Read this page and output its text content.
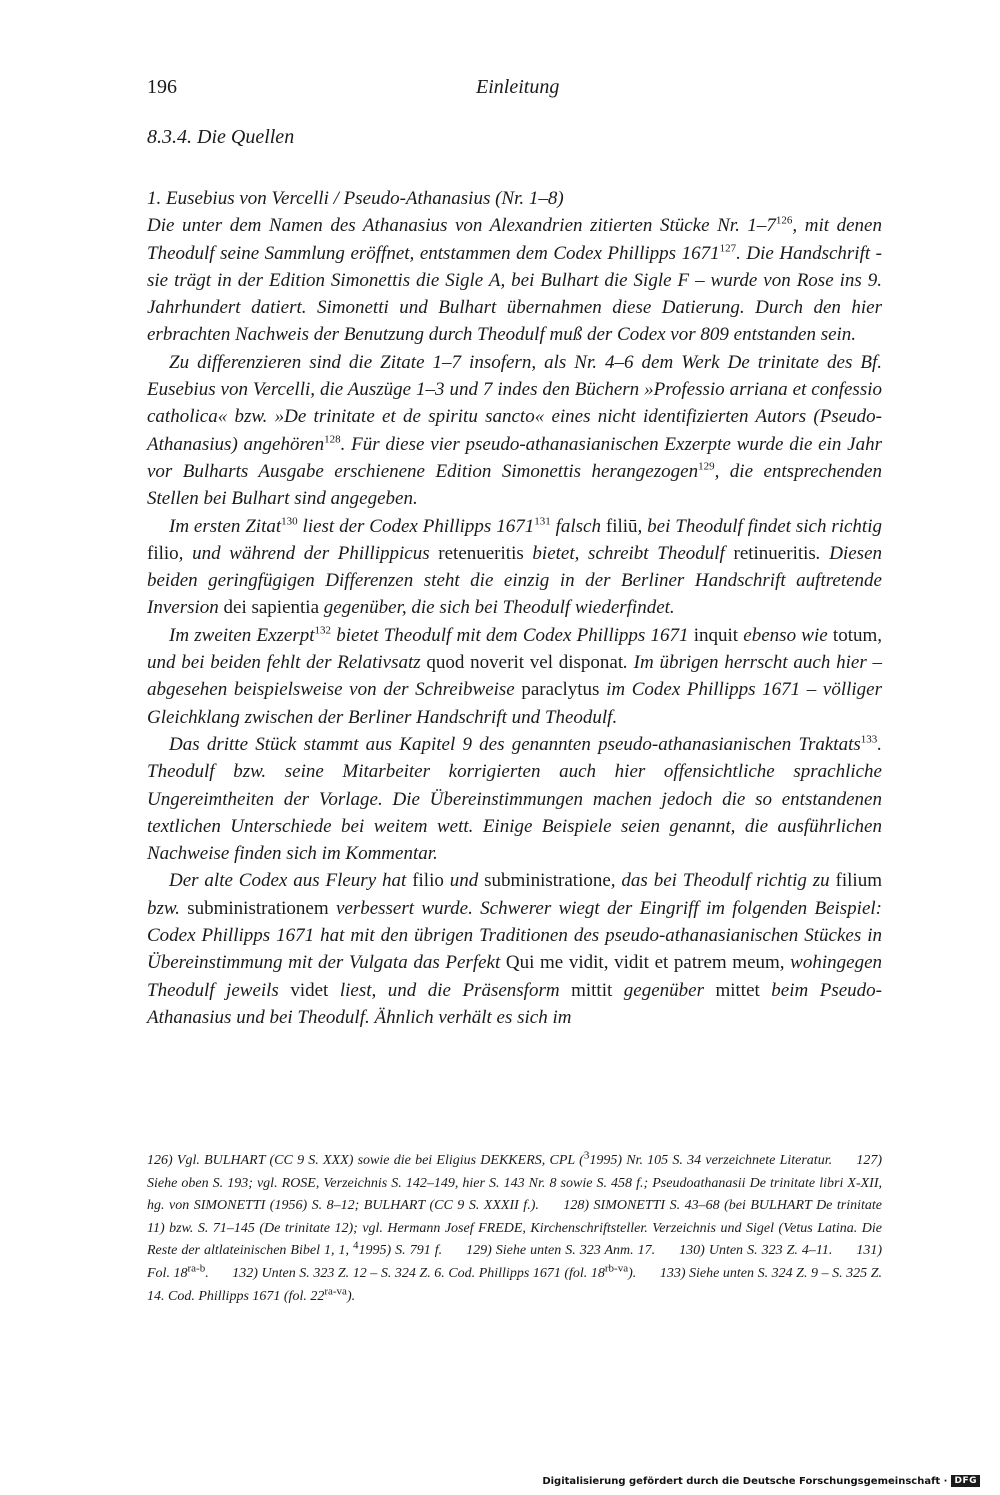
196	Einleitung
8.3.4. Die Quellen

1. Eusebius von Vercelli / Pseudo-Athanasius (Nr. 1–8)

Die unter dem Namen des Athanasius von Alexandrien zitierten Stücke Nr. $1-7^{126}$, mit denen Theodulf seine Sammlung eröffnet, entstammen dem Codex Phillipps 1671$^{127}$. Die Handschrift - sie trägt in der Edition Simonettis die Sigle A, bei Bulhart die Sigle F – wurde von Rose ins 9. Jahrhundert datiert. Simonetti und Bulhart übernahmen diese Datierung. Durch den hier erbrachten Nachweis der Benutzung durch Theodulf muß der Codex vor 809 entstanden sein.

Zu differenzieren sind die Zitate 1–7 insofern, als Nr. 4–6 dem Werk De trinitate des Bf. Eusebius von Vercelli, die Auszüge 1–3 und 7 indes den Büchern »Professio arriana et confessio catholica« bzw. »De trinitate et de spiritu sancto« eines nicht identifizierten Autors (Pseudo-Athanasius) angehören$^{128}$. Für diese vier pseudo-athanasianischen Exzerpte wurde die ein Jahr vor Bulharts Ausgabe erschienene Edition Simonettis herangezogen$^{129}$, die entsprechenden Stellen bei Bulhart sind angegeben.

Im ersten Zitat$^{130}$ liest der Codex Phillipps 1671$^{131}$ falsch filiū, bei Theodulf findet sich richtig filio, und während der Phillippicus retenueritis bietet, schreibt Theodulf retinueritis. Diesen beiden geringfügigen Differenzen steht die einzig in der Berliner Handschrift auftretende Inversion dei sapientia gegenüber, die sich bei Theodulf wiederfindet.

Im zweiten Exzerpt$^{132}$ bietet Theodulf mit dem Codex Phillipps 1671 inquit ebenso wie totum, und bei beiden fehlt der Relativsatz quod noverit vel disponat. Im übrigen herrscht auch hier – abgesehen beispielsweise von der Schreibweise paraclytus im Codex Phillipps 1671 – völliger Gleichklang zwischen der Berliner Handschrift und Theodulf.

Das dritte Stück stammt aus Kapitel 9 des genannten pseudo-athanasianischen Traktats$^{133}$. Theodulf bzw. seine Mitarbeiter korrigierten auch hier offensichtliche sprachliche Ungereimtheiten der Vorlage. Die Übereinstimmungen machen jedoch die so entstandenen textlichen Unterschiede bei weitem wett. Einige Beispiele seien genannt, die ausführlichen Nachweise finden sich im Kommentar.

Der alte Codex aus Fleury hat filio und subministratione, das bei Theodulf richtig zu filium bzw. subministrationem verbessert wurde. Schwerer wiegt der Eingriff im folgenden Beispiel: Codex Phillipps 1671 hat mit den übrigen Traditionen des pseudo-athanasianischen Stückes in Übereinstimmung mit der Vulgata das Perfekt Qui me vidit, vidit et patrem meum, wohingegen Theodulf jeweils videt liest, und die Präsensform mittit gegenüber mittet beim Pseudo-Athanasius und bei Theodulf. Ähnlich verhält es sich im

126) Vgl. BULHART (CC 9 S. XXX) sowie die bei Eligius DEKKERS, CPL ($^3$1995) Nr. 105 S. 34 verzeichnete Literatur. 127) Siehe oben S. 193; vgl. ROSE, Verzeichnis S. 142–149, hier S. 143 Nr. 8 sowie S. 458 f.; Pseudoathanasii De trinitate libri X-XII, hg. von SIMONETTI (1956) S. 8–12; BULHART (CC 9 S. XXXII f.). 128) SIMONETTI S. 43–68 (bei BULHART De trinitate 11) bzw. S. 71–145 (De trinitate 12); vgl. Hermann Josef FREDE, Kirchenschriftsteller. Verzeichnis und Sigel (Vetus Latina. Die Reste der altlateinischen Bibel 1, 1, $^4$1995) S. 791 f. 129) Siehe unten S. 323 Anm. 17. 130) Unten S. 323 Z. 4–11. 131) Fol. $18^{ra-b}$. 132) Unten S. 323 Z. 12 – S. 324 Z. 6. Cod. Phillipps 1671 (fol. $18^{rb-va}$). 133) Siehe unten S. 324 Z. 9 – S. 325 Z. 14. Cod. Phillipps 1671 (fol. $22^{ra-va}$).
Digitalisierung gefördert durch die Deutsche Forschungsgemeinschaft · DFG
